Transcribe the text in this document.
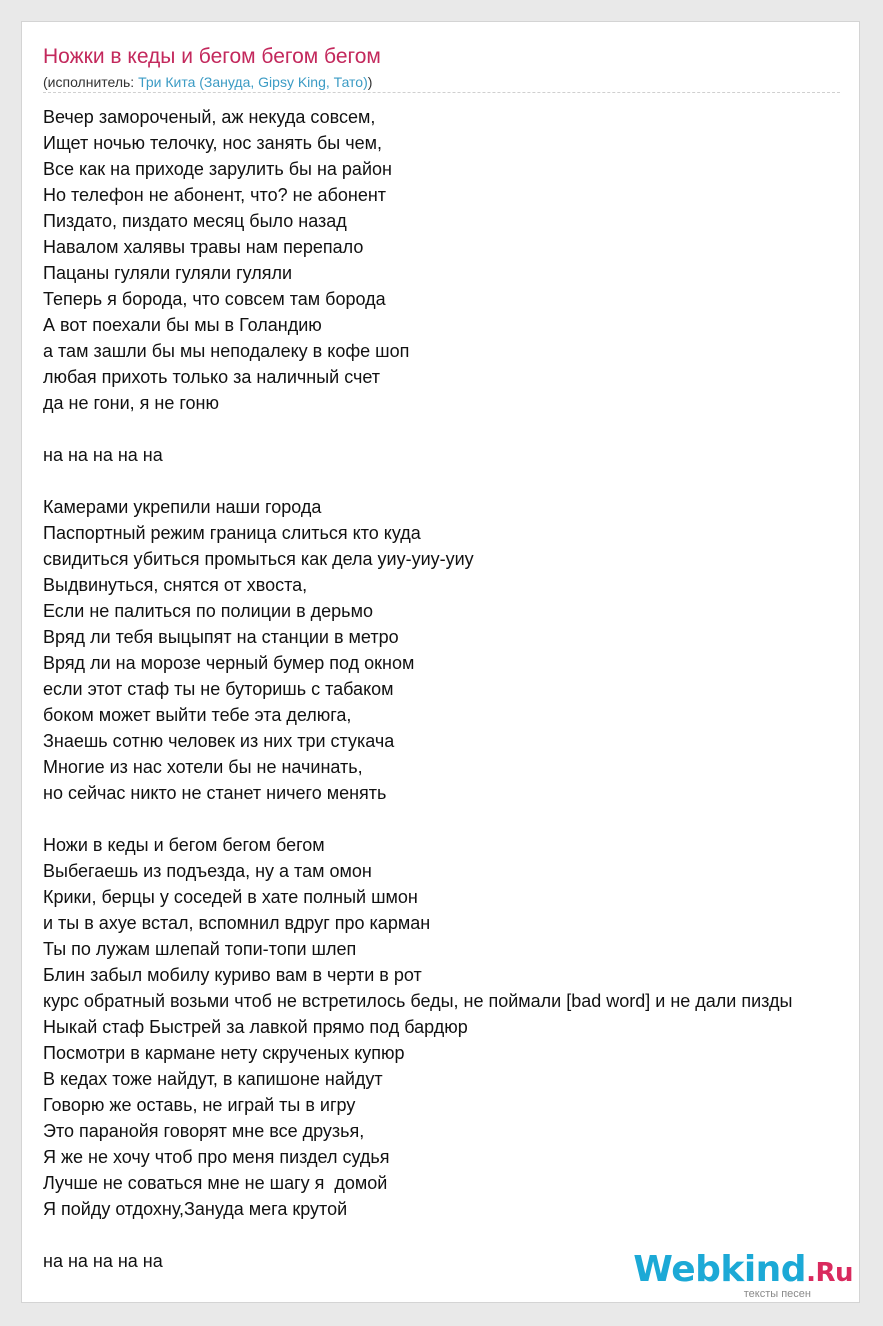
Ножки в кеды и бегом бегом бегом
(исполнитель: Три Кита (Зануда, Gipsy King, Тато))
Вечер замороченый, аж некуда совсем,
Ищет ночью телочку, нос занять бы чем,
Все как на приходе зарулить бы на район
Но телефон не абонент, что? не абонент
Пиздато, пиздато месяц было назад
Навалом халявы травы нам перепало
Пацаны гуляли гуляли гуляли
Теперь я борода, что совсем там борода
А вот поехали бы мы в Голандию
а там зашли бы мы неподалеку в кофе шоп
любая прихоть только за наличный счет
да не гони, я не гоню

на на на на на

Камерами укрепили наши города
Паспортный режим граница слиться кто куда
свидиться убиться промыться как дела уиу-уиу-уиу
Выдвинуться, снятся от хвоста,
Если не палиться по полиции в дерьмо
Вряд ли тебя выцыпят на станции в метро
Вряд ли на морозе черный бумер под окном
если этот стаф ты не буторишь с табаком
боком может выйти тебе эта делюга,
Знаешь сотню человек из них три стукача
Многие из нас хотели бы не начинать,
но сейчас никто не станет ничего менять

Ножи в кеды и бегом бегом бегом
Выбегаешь из подъезда, ну а там омон
Крики, берцы у соседей в хате полный шмон
и ты в ахуе встал, вспомнил вдруг про карман
Ты по лужам шлепай топи-топи шлеп
Блин забыл мобилу куриво вам в черти в рот
курс обратный возьми чтоб не встретилось беды, не поймали [bad word] и не дали пизды
Ныкай стаф Быстрей за лавкой прямо под бардюр
Посмотри в кармане нету скрученых купюр
В кедах тоже найдут, в капишоне найдут
Говорю же оставь, не играй ты в игру
Это паранойя говорят мне все друзья,
Я же не хочу чтоб про меня пиздел судья
Лучше не соваться мне не шагу я  домой
Я пойду отдохну,Зануда мега крутой

на на на на на	Webkind.Ru
тексты песен
